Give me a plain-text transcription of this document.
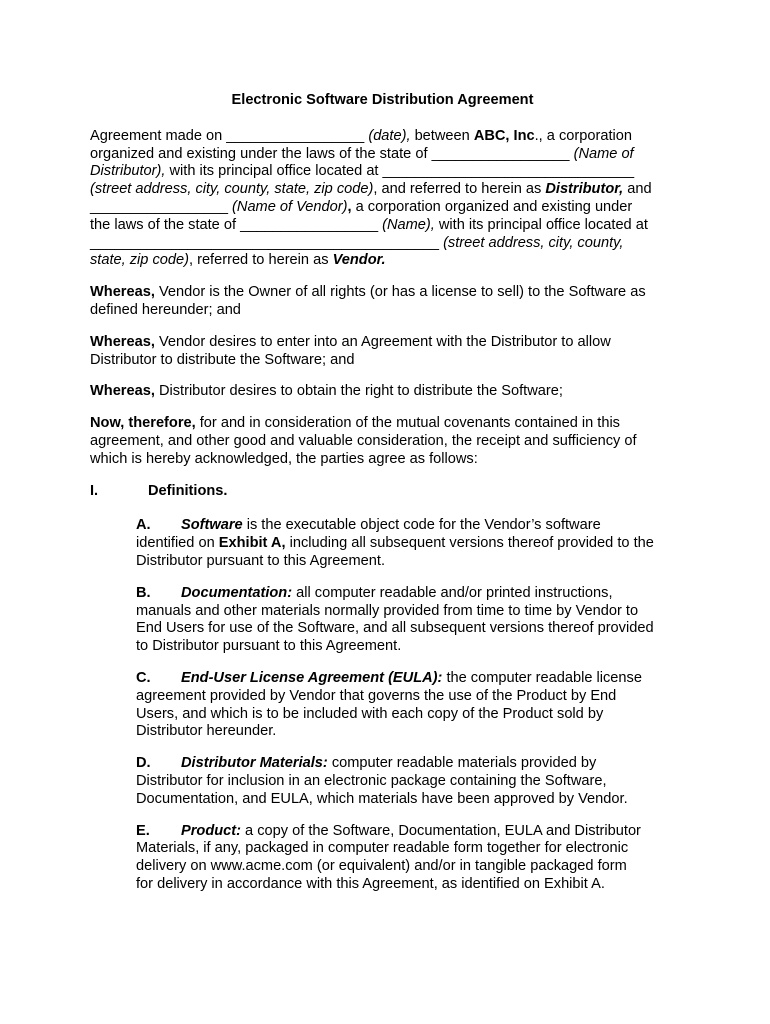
Electronic Software Distribution Agreement
Agreement made on _________________ (date), between ABC, Inc., a corporation
organized and existing under the laws of the state of _________________ (Name of
Distributor), with its principal office located at _______________________________
(street address, city, county, state, zip code), and referred to herein as Distributor, and
_________________ (Name of Vendor), a corporation organized and existing under
the laws of the state of _________________ (Name), with its principal office located at
___________________________________________ (street address, city, county,
state, zip code), referred to herein as Vendor.
Whereas, Vendor is the Owner of all rights (or has a license to sell) to the Software as
defined hereunder; and
Whereas, Vendor desires to enter into an Agreement with the Distributor to allow
Distributor to distribute the Software; and
Whereas, Distributor desires to obtain the right to distribute the Software;
Now, therefore, for and in consideration of the mutual covenants contained in this
agreement, and other good and valuable consideration, the receipt and sufficiency of
which is hereby acknowledged, the parties agree as follows:
I.	Definitions.
A. Software is the executable object code for the Vendor’s software
identified on Exhibit A, including all subsequent versions thereof provided to the
Distributor pursuant to this Agreement.
B. Documentation: all computer readable and/or printed instructions,
manuals and other materials normally provided from time to time by Vendor to
End Users for use of the Software, and all subsequent versions thereof provided
to Distributor pursuant to this Agreement.
C. End-User License Agreement (EULA): the computer readable license
agreement provided by Vendor that governs the use of the Product by End
Users, and which is to be included with each copy of the Product sold by
Distributor hereunder.
D. Distributor Materials: computer readable materials provided by
Distributor for inclusion in an electronic package containing the Software,
Documentation, and EULA, which materials have been approved by Vendor.
E. Product: a copy of the Software, Documentation, EULA and Distributor
Materials, if any, packaged in computer readable form together for electronic
delivery on www.acme.com (or equivalent) and/or in tangible packaged form
for delivery in accordance with this Agreement, as identified on Exhibit A.
